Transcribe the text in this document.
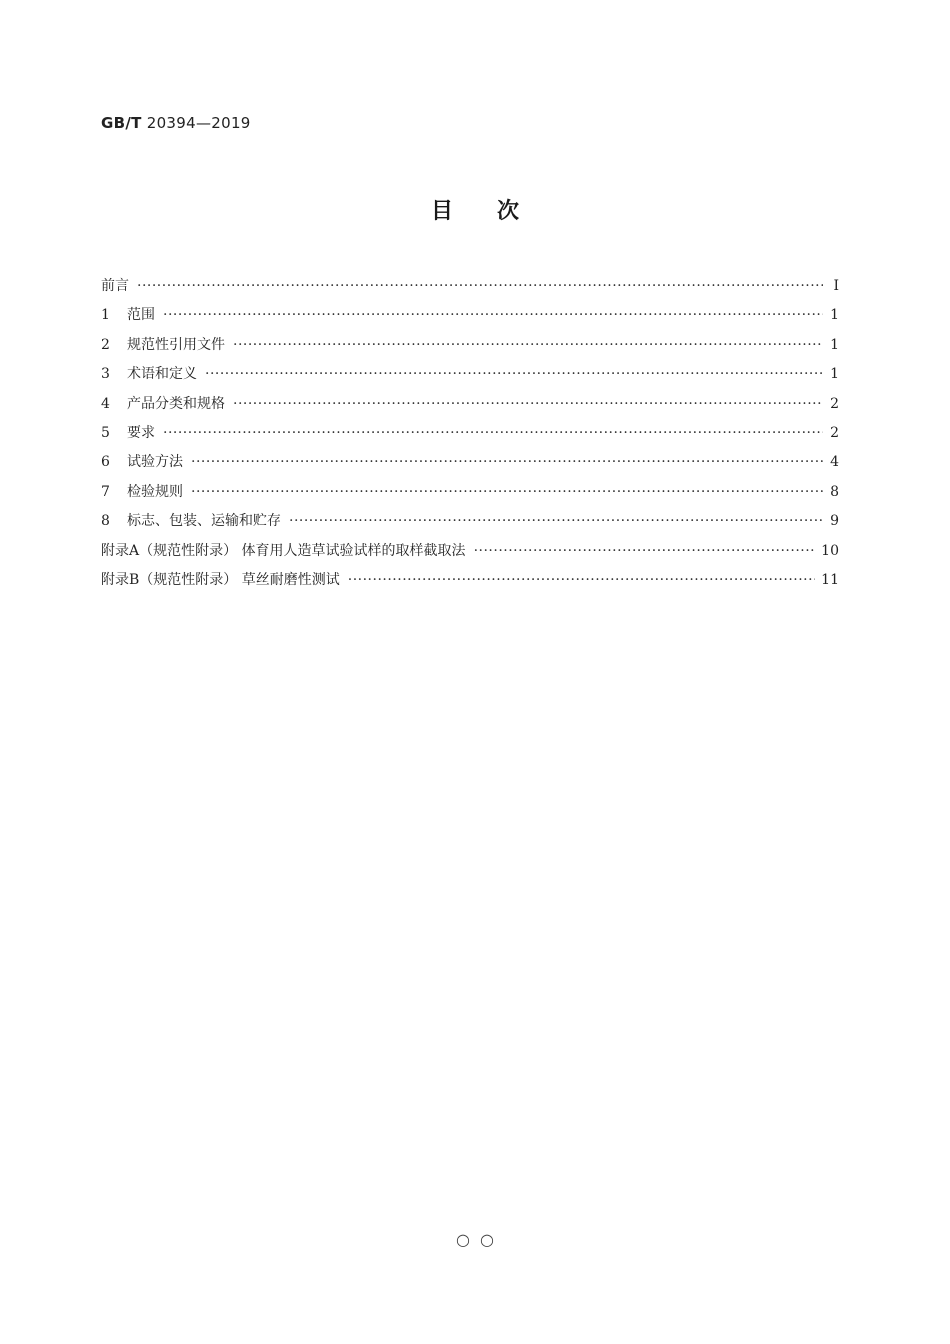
GB/T 20394—2019
目次
前言 ·····	Ⅰ
1	范围 ·····	1
2	规范性引用文件 ·····	1
3	术语和定义 ·····	1
4	产品分类和规格 ·····	2
5	要求 ·····	2
6	试验方法 ·····	4
7	检验规则 ·····	8
8	标志、包装、运输和贮存 ·····	9
附录A（规范性附录） 体育用人造草试验试样的取样截取法 ·····	10
附录B（规范性附录） 草丝耐磨性测试 ·····	11
○○
